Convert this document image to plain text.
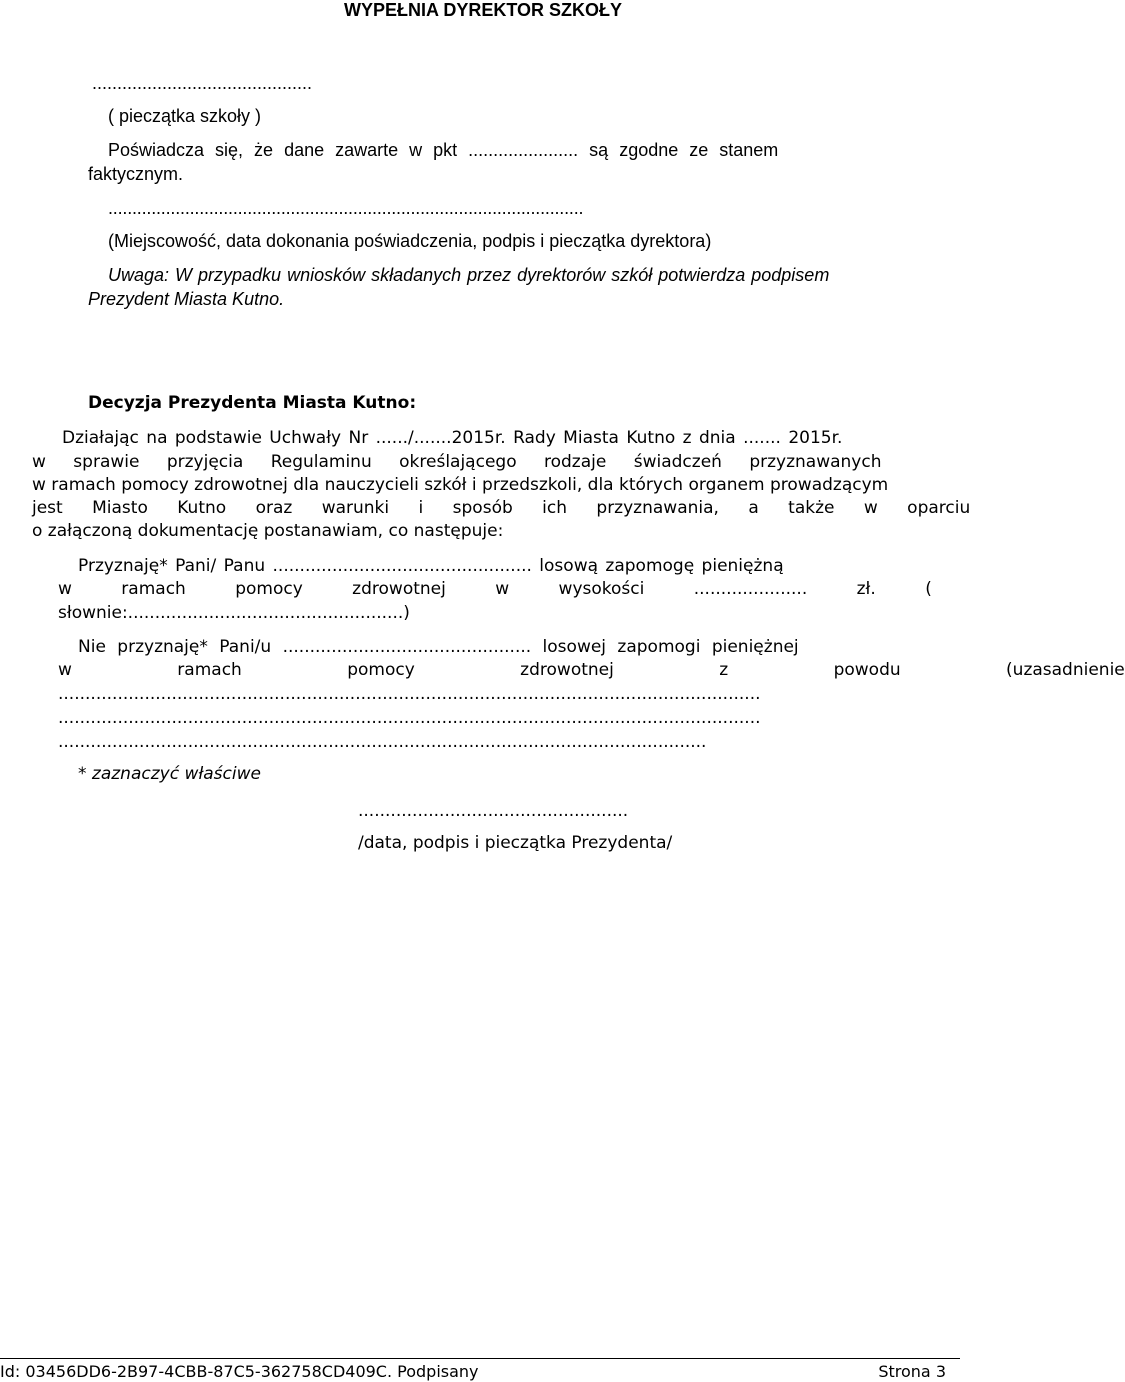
WYPEŁNIA DYREKTOR SZKOŁY
............................................
( pieczątka szkoły )
Poświadcza się, że dane zawarte w pkt ...................... są zgodne ze stanem
faktycznym.
...................................................................................................
(Miejscowość, data dokonania poświadczenia, podpis i pieczątka dyrektora)
Uwaga: W przypadku wniosków składanych przez dyrektorów szkół potwierdza podpisem
Prezydent Miasta Kutno.
Decyzja Prezydenta Miasta Kutno:
Działając na podstawie Uchwały Nr ....../.......2015r. Rady Miasta Kutno z dnia ....... 2015r.
w sprawie przyjęcia Regulaminu określającego rodzaje świadczeń przyznawanych
w ramach pomocy zdrowotnej dla nauczycieli szkół i przedszkoli, dla których organem prowadzącym
jest Miasto Kutno oraz warunki i sposób ich przyznawania, a także w oparciu
o załączoną dokumentację postanawiam, co następuje:
Przyznaję* Pani/ Panu ................................................ losową zapomogę pieniężną
w ramach pomocy zdrowotnej w wysokości ..................... zł. (
słownie:...................................................)
Nie przyznaję* Pani/u .............................................. losowej zapomogi pieniężnej
w ramach pomocy zdrowotnej z powodu (uzasadnienie
..................................................................................................................................
..................................................................................................................................
........................................................................................................................
* zaznaczyć właściwe
..................................................
/data, podpis i pieczątka Prezydenta/
Id: 03456DD6-2B97-4CBB-87C5-362758CD409C. Podpisany	Strona 3
